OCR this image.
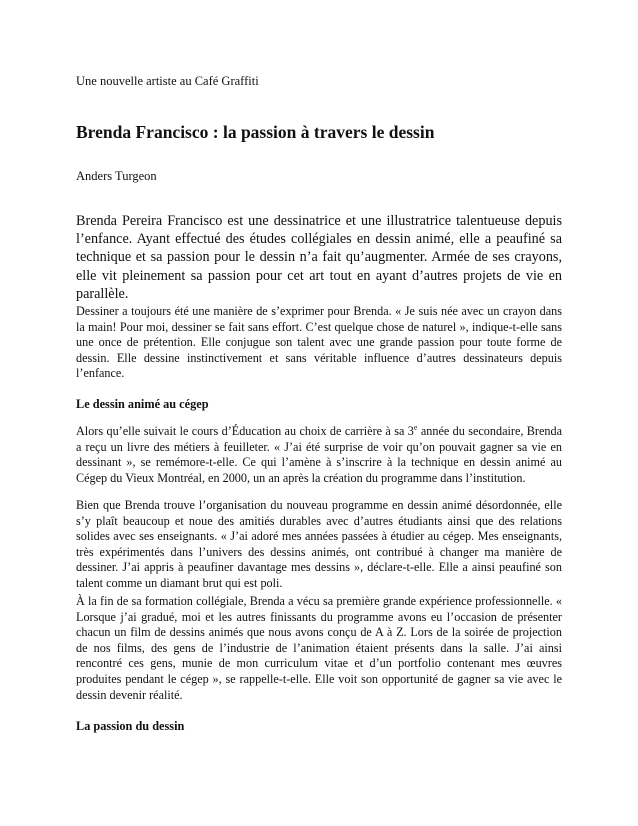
Une nouvelle artiste au Café Graffiti

Brenda Francisco : la passion à travers le dessin

Anders Turgeon

Brenda Pereira Francisco est une dessinatrice et une illustratrice talentueuse depuis l’enfance. Ayant effectué des études collégiales en dessin animé, elle a peaufiné sa technique et sa passion pour le dessin n’a fait qu’augmenter. Armée de ses crayons, elle vit pleinement sa passion pour cet art tout en ayant d’autres projets de vie en parallèle.

Dessiner a toujours été une manière de s’exprimer pour Brenda. « Je suis née avec un crayon dans la main! Pour moi, dessiner se fait sans effort. C’est quelque chose de naturel », indique-t-elle sans une once de prétention. Elle conjugue son talent avec une grande passion pour toute forme de dessin. Elle dessine instinctivement et sans véritable influence d’autres dessinateurs depuis l’enfance.

Le dessin animé au cégep

Alors qu’elle suivait le cours d’Éducation au choix de carrière à sa 3e année du secondaire, Brenda a reçu un livre des métiers à feuilleter. « J’ai été surprise de voir qu’on pouvait gagner sa vie en dessinant », se remémore-t-elle. Ce qui l’amène à s’inscrire à la technique en dessin animé au Cégep du Vieux Montréal, en 2000, un an après la création du programme dans l’institution.

Bien que Brenda trouve l’organisation du nouveau programme en dessin animé désordonnée, elle s’y plaît beaucoup et noue des amitiés durables avec d’autres étudiants ainsi que des relations solides avec ses enseignants. « J’ai adoré mes années passées à étudier au cégep. Mes enseignants, très expérimentés dans l’univers des dessins animés, ont contribué à changer ma manière de dessiner. J’ai appris à peaufiner davantage mes dessins », déclare-t-elle. Elle a ainsi peaufiné son talent comme un diamant brut qui est poli.

À la fin de sa formation collégiale, Brenda a vécu sa première grande expérience professionnelle. « Lorsque j’ai gradué, moi et les autres finissants du programme avons eu l’occasion de présenter chacun un film de dessins animés que nous avons conçu de A à Z. Lors de la soirée de projection de nos films, des gens de l’industrie de l’animation étaient présents dans la salle. J’ai ainsi rencontré ces gens, munie de mon curriculum vitae et d’un portfolio contenant mes œuvres produites pendant le cégep », se rappelle-t-elle. Elle voit son opportunité de gagner sa vie avec le dessin devenir réalité.

La passion du dessin
